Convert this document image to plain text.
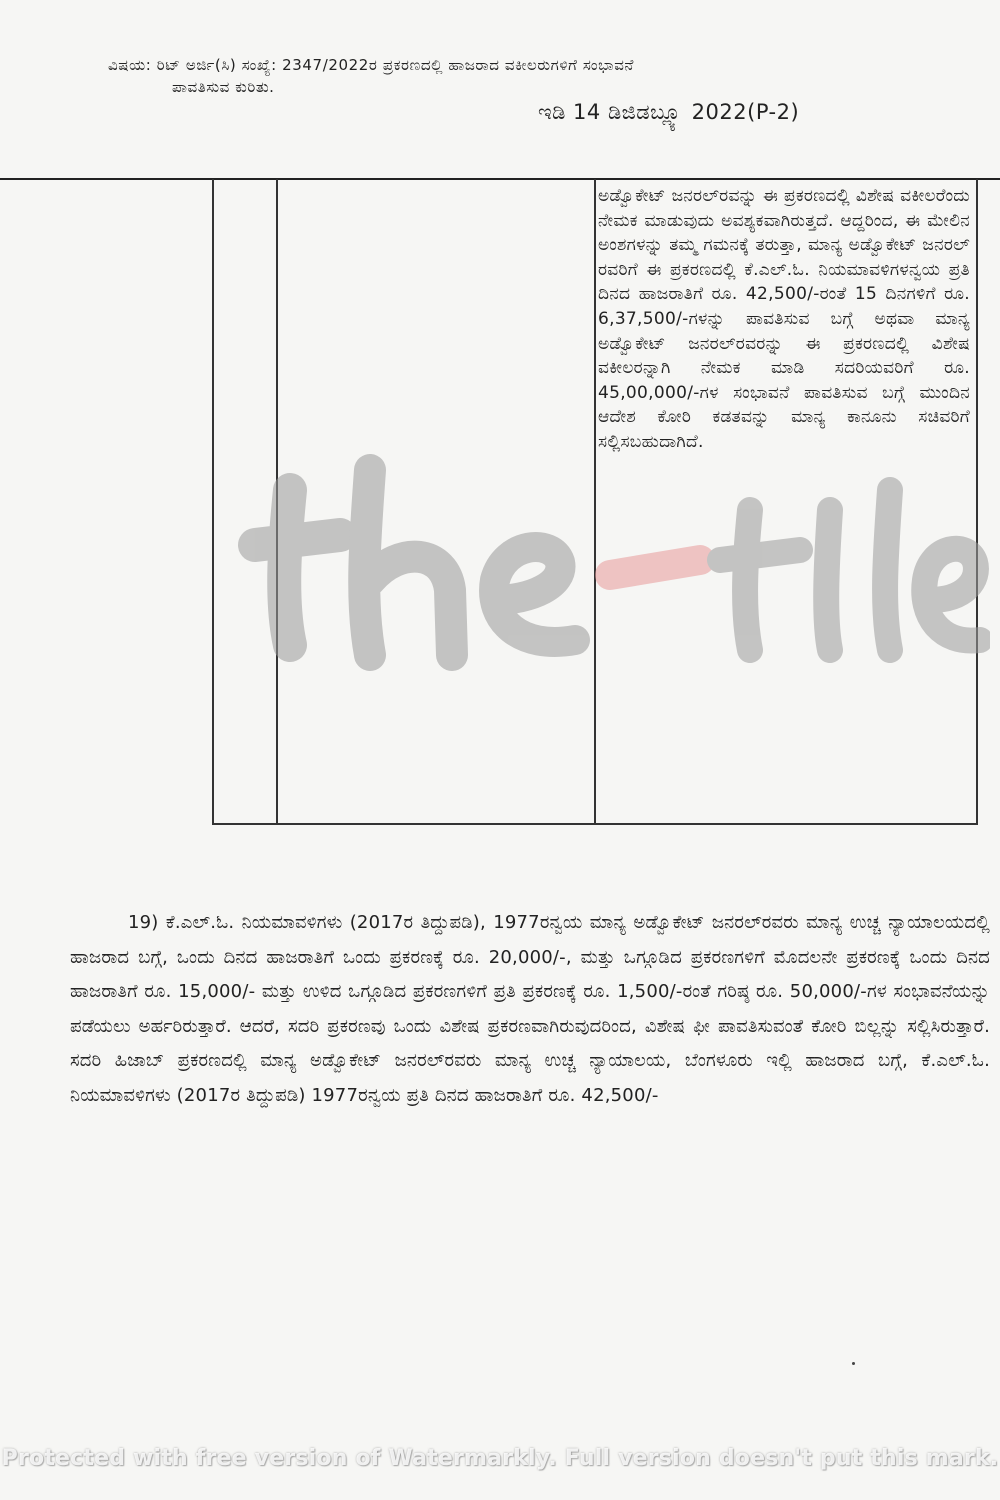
ವಿಷಯ: ರಿಟ್ ಅರ್ಜಿ(ಸಿ) ಸಂಖ್ಯೆ: 2347/2022ರ ಪ್ರಕರಣದಲ್ಲಿ ಹಾಜರಾದ ವಕೀಲರುಗಳಿಗೆ ಸಂಭಾವನೆ
ಪಾವತಿಸುವ ಕುರಿತು.
ಇಡಿ 14 ಡಿಜಿಡಬ್ಲ್ಯೂ 2022(P-2)
ಅಡ್ವೊಕೇಟ್ ಜನರಲ್‌ರವನ್ನು ಈ ಪ್ರಕರಣದಲ್ಲಿ ವಿಶೇಷ ವಕೀಲರೆಂದು ನೇಮಕ ಮಾಡುವುದು ಅವಶ್ಯಕವಾಗಿರುತ್ತದೆ. ಆದ್ದರಿಂದ, ಈ ಮೇಲಿನ ಅಂಶಗಳನ್ನು ತಮ್ಮ ಗಮನಕ್ಕೆ ತರುತ್ತಾ, ಮಾನ್ಯ ಅಡ್ವೊಕೇಟ್ ಜನರಲ್ ರವರಿಗೆ ಈ ಪ್ರಕರಣದಲ್ಲಿ ಕೆ.ಎಲ್.ಓ. ನಿಯಮಾವಳಿಗಳನ್ವಯ ಪ್ರತಿ ದಿನದ ಹಾಜರಾತಿಗೆ ರೂ. 42,500/-ರಂತೆ 15 ದಿನಗಳಿಗೆ ರೂ. 6,37,500/-ಗಳನ್ನು ಪಾವತಿಸುವ ಬಗ್ಗೆ ಅಥವಾ ಮಾನ್ಯ ಅಡ್ವೊಕೇಟ್ ಜನರಲ್‌ರವರನ್ನು ಈ ಪ್ರಕರಣದಲ್ಲಿ ವಿಶೇಷ ವಕೀಲರನ್ನಾಗಿ ನೇಮಕ ಮಾಡಿ ಸದರಿಯವರಿಗೆ ರೂ. 45,00,000/-ಗಳ ಸಂಭಾವನೆ ಪಾವತಿಸುವ ಬಗ್ಗೆ ಮುಂದಿನ ಆದೇಶ ಕೋರಿ ಕಡತವನ್ನು ಮಾನ್ಯ ಕಾನೂನು ಸಚಿವರಿಗೆ ಸಲ್ಲಿಸಬಹುದಾಗಿದೆ.
19) ಕೆ.ಎಲ್.ಓ. ನಿಯಮಾವಳಿಗಳು (2017ರ ತಿದ್ದುಪಡಿ), 1977ರನ್ವಯ ಮಾನ್ಯ ಅಡ್ವೊಕೇಟ್ ಜನರಲ್‌ರವರು ಮಾನ್ಯ ಉಚ್ಚ ನ್ಯಾಯಾಲಯದಲ್ಲಿ ಹಾಜರಾದ ಬಗ್ಗೆ, ಒಂದು ದಿನದ ಹಾಜರಾತಿಗೆ ಒಂದು ಪ್ರಕರಣಕ್ಕೆ ರೂ. 20,000/-, ಮತ್ತು ಒಗ್ಗೂಡಿದ ಪ್ರಕರಣಗಳಿಗೆ ಮೊದಲನೇ ಪ್ರಕರಣಕ್ಕೆ ಒಂದು ದಿನದ ಹಾಜರಾತಿಗೆ ರೂ. 15,000/- ಮತ್ತು ಉಳಿದ ಒಗ್ಗೂಡಿದ ಪ್ರಕರಣಗಳಿಗೆ ಪ್ರತಿ ಪ್ರಕರಣಕ್ಕೆ ರೂ. 1,500/-ರಂತೆ ಗರಿಷ್ಠ ರೂ. 50,000/-ಗಳ ಸಂಭಾವನೆಯನ್ನು ಪಡೆಯಲು ಅರ್ಹರಿರುತ್ತಾರೆ. ಆದರೆ, ಸದರಿ ಪ್ರಕರಣವು ಒಂದು ವಿಶೇಷ ಪ್ರಕರಣವಾಗಿರುವುದರಿಂದ, ವಿಶೇಷ ಫೀ ಪಾವತಿಸುವಂತೆ ಕೋರಿ ಬಿಲ್ಲನ್ನು ಸಲ್ಲಿಸಿರುತ್ತಾರೆ. ಸದರಿ ಹಿಜಾಬ್ ಪ್ರಕರಣದಲ್ಲಿ ಮಾನ್ಯ ಅಡ್ವೊಕೇಟ್ ಜನರಲ್‌ರವರು ಮಾನ್ಯ ಉಚ್ಚ ನ್ಯಾಯಾಲಯ, ಬೆಂಗಳೂರು ಇಲ್ಲಿ ಹಾಜರಾದ ಬಗ್ಗೆ, ಕೆ.ಎಲ್.ಓ. ನಿಯಮಾವಳಿಗಳು (2017ರ ತಿದ್ದುಪಡಿ) 1977ರನ್ವಯ ಪ್ರತಿ ದಿನದ ಹಾಜರಾತಿಗೆ ರೂ. 42,500/-
Protected with free version of Watermarkly. Full version doesn't put this mark.
